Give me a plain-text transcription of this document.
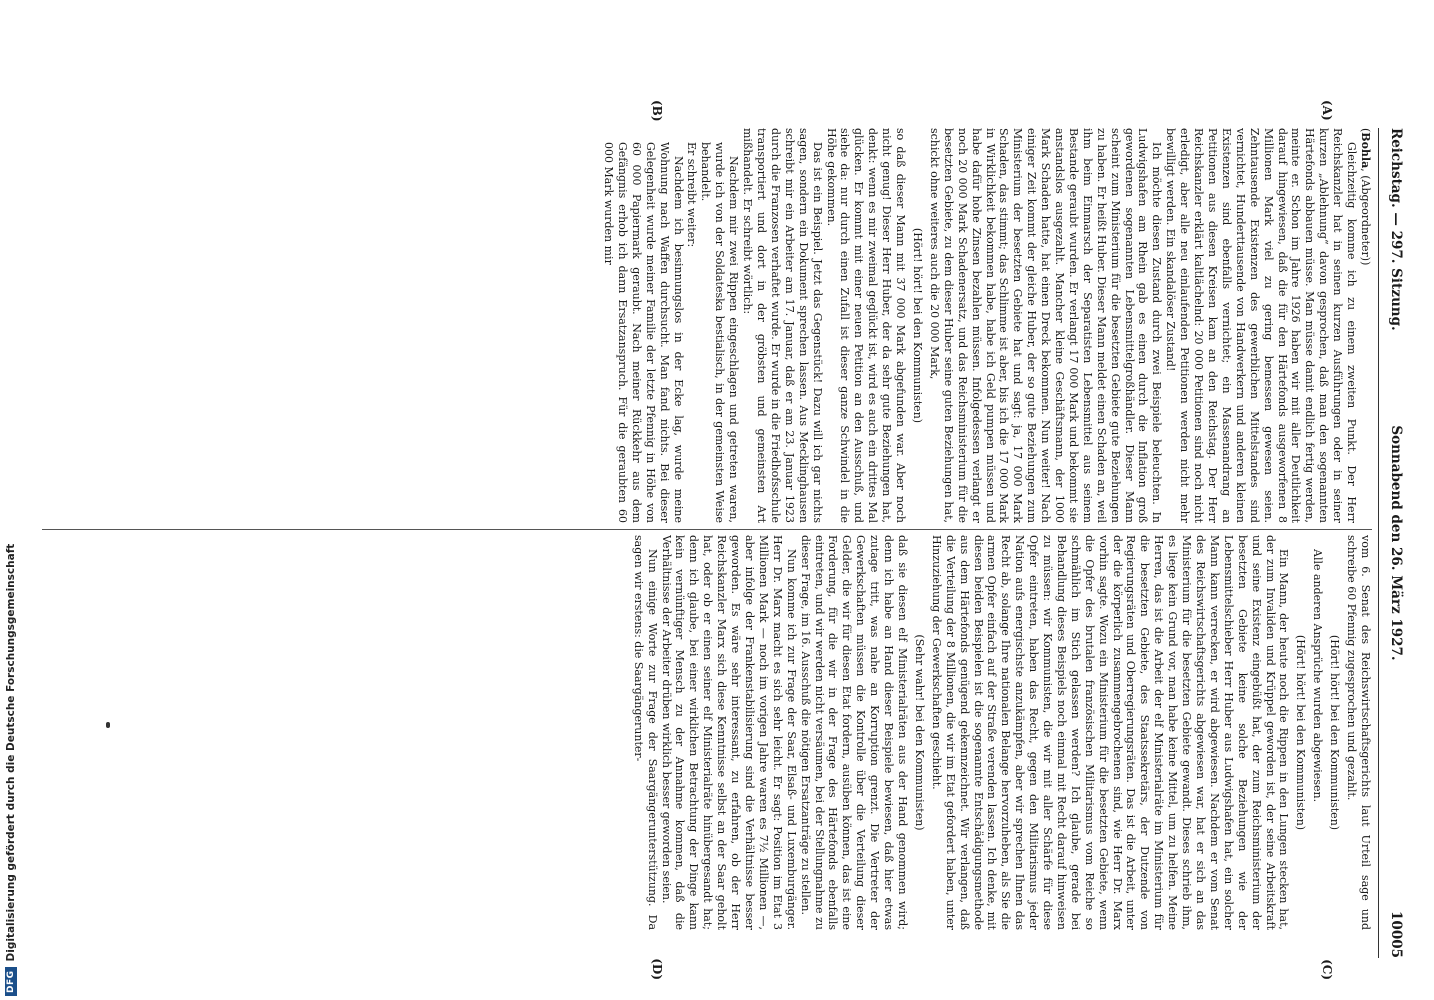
Reichstag. — 297. Sitzung.
Sonnabend den 26. März 1927.
10005
(A)
(B)
(C)
(D)

(Bohla, (Abgeordneter))

Gleichzeitig komme ich zu einem zweiten Punkt. Der Herr Reichskanzler hat in seinen kurzen Ausführungen oder in seiner kurzen „Ablehnung“ davon gesprochen, daß man den sogenannten Härtefonds abbauen müsse. Man müsse damit endlich fertig werden, meinte er. Schon im Jahre 1926 haben wir mit aller Deutlichkeit darauf hingewiesen, daß die für den Härtefonds ausgeworfenen 8 Millionen Mark viel zu gering bemessen gewesen seien. Zehntausende Existenzen des gewerblichen Mittelstandes sind vernichtet, Hunderttausende von Handwerkern und anderen kleinen Existenzen sind ebenfalls vernichtet; ein Massenandrang an Petitionen aus diesen Kreisen kam an den Reichstag. Der Herr Reichskanzler erklärt kaltlächelnd: 20 000 Petitionen sind noch nicht erledigt, aber alle neu einlaufenden Petitionen werden nicht mehr bewilligt werden. Ein skandalöser Zustand!

Ich möchte diesen Zustand durch zwei Beispiele beleuchten. In Ludwigshafen am Rhein gab es einen durch die Inflation groß gewordenen sogenannten Lebensmittelgroßhändler. Dieser Mann scheint zum Ministerium für die besetzten Gebiete gute Beziehungen zu haben. Er heißt Huber. Dieser Mann meldet einen Schaden an, weil ihm beim Einmarsch der Separatisten Lebensmittel aus seinem Bestande geraubt wurden. Er verlangt 17 000 Mark und bekommt sie anstandslos ausgezahlt. Mancher kleine Geschäftsmann, der 1000 Mark Schaden hatte, hat einen Dreck bekommen. Nun weiter! Nach einiger Zeit kommt der gleiche Huber, der so gute Beziehungen zum Ministerium der besetzten Gebiete hat und sagt: ja, 17 000 Mark Schaden, das stimmt; das Schlimme ist aber, bis ich die 17 000 Mark in Wirklichkeit bekommen habe, habe ich Geld pumpen müssen und habe dafür hohe Zinsen bezahlen müssen. Infolgedessen verlangt er noch 20 000 Mark Schadenersatz, und das Reichsministerium für die besetzten Gebiete, zu dem dieser Huber seine guten Beziehungen hat, schickt ohne weiteres auch die 20 000 Mark,

(Hört! hört! bei den Kommunisten)

so daß dieser Mann mit 37 000 Mark abgefunden war. Aber noch nicht genug! Dieser Herr Huber, der da sehr gute Beziehungen hat, denkt: wenn es mir zweimal geglückt ist, wird es auch ein drittes Mal glücken. Er kommt mit einer neuen Petition an den Ausschuß, und siehe da: nur durch einen Zufall ist dieser ganze Schwindel in die Höhe gekommen.

Das ist ein Beispiel. Jetzt das Gegenstück! Dazu will ich gar nichts sagen, sondern ein Dokument sprechen lassen. Aus Mecklinghausen schreibt mir ein Arbeiter am 17. Januar, daß er am 23. Januar 1923 durch die Franzosen verhaftet wurde. Er wurde in die Friedhofsschule transportiert und dort in der gröbsten und gemeinsten Art mißhandelt. Er schreibt wörtlich:

Nachdem mir zwei Rippen eingeschlagen und getreten waren, wurde ich von der Soldateska bestialisch, in der gemeinsten Weise behandelt.

Er schreibt weiter:

Nachdem ich besinnungslos in der Ecke lag, wurde meine Wohnung nach Waffen durchsucht. Man fand nichts. Bei dieser Gelegenheit wurde meiner Familie der letzte Pfennig in Höhe von 60 000 Papiermark geraubt. Nach meiner Rückkehr aus dem Gefängnis erhob ich dann Ersatzanspruch. Für die geraubten 60 000 Mark wurden mir

vom 6. Senat des Reichswirtschaftsgerichts laut Urteil sage und schreibe 60 Pfennig zugesprochen und gezahlt.

(Hört! hört! bei den Kommunisten)

Alle anderen Ansprüche wurden abgewiesen.

(Hört! hört! bei den Kommunisten)

Ein Mann, der heute noch die Rippen in den Lungen stecken hat, der zum Invaliden und Krüppel geworden ist, der seine Arbeitskraft und seine Existenz eingebüßt hat, der zum Reichsministerium der besetzten Gebiete keine solche Beziehungen wie der Lebensmittelschieber Herr Huber aus Ludwigshafen hat, ein solcher Mann kann verrecken, er wird abgewiesen. Nachdem er vom Senat des Reichswirtschaftsgerichts abgewiesen war, hat er sich an das Ministerium für die besetzten Gebiete gewandt. Dieses schrieb ihm, es liege kein Grund vor, man habe keine Mittel, um zu helfen. Meine Herren, das ist die Arbeit der elf Ministerialräte im Ministerium für die besetzten Gebiete, des Staatssekretärs, der Dutzende von Regierungsräten und Oberregierungsräten. Das ist die Arbeit, unter der die körperlich zusammengebrochenen sind, wie Herr Dr. Marx vorhin sagte. Wozu ein Ministerium für die besetzten Gebiete, wenn die Opfer des brutalen französischen Militarismus vom Reiche so schmählich im Stich gelassen werden? Ich glaube, gerade bei Behandlung dieses Beispiels noch einmal mit Recht darauf hinweisen zu müssen: wir Kommunisten, die wir mit aller Schärfe für diese Opfer eintreten, haben das Recht, gegen den Militarismus jeder Nation aufs energischste anzukämpfen, aber wir sprechen Ihnen das Recht ab, solange Ihre nationalen Belange hervorzuheben, als Sie die armen Opfer einfach auf der Straße verenden lassen. Ich denke, mit diesen beiden Beispielen ist die sogenannte Entschädigungsmethode aus dem Härtefonds genügend gekennzeichnet. Wir verlangen, daß die Verteilung der 8 Millionen, die wir im Etat gefordert haben, unter Hinzuziehung der Gewerkschaften geschieht.

(Sehr wahr! bei den Kommunisten)

daß sie diesen elf Ministerialräten aus der Hand genommen wird; denn ich habe an Hand dieser Beispiele bewiesen, daß hier etwas zutage tritt, was nahe an Korruption grenzt. Die Vertreter der Gewerkschaften müssen die Kontrolle über die Verteilung dieser Gelder, die wir für diesen Etat fordern, ausüben können, das ist eine Forderung, für die wir in der Frage des Härtefonds ebenfalls eintreten, und wir werden nicht versäumen, bei der Stellungnahme zu dieser Frage, im 16. Ausschuß die nötigen Ersatzanträge zu stellen.

Nun komme ich zur Frage der Saar, Elsaß- und Luxemburgänger. Herr Dr. Marx macht es sich sehr leicht. Er sagt: Position im Etat 3 Millionen Mark — noch im vorigen Jahre waren es 7½ Millionen —, aber infolge der Frankenstabilisierung sind die Verhältnisse besser geworden. Es wäre sehr interessant, zu erfahren, ob der Herr Reichskanzler Marx sich diese Kenntnisse selbst an der Saar geholt hat, oder ob er einen seiner elf Ministerialräte hinübergesandt hat; denn ich glaube, bei einer wirklichen Betrachtung der Dinge kann kein vernünftiger Mensch zu der Annahme kommen, daß die Verhältnisse der Arbeiter drüben wirklich besser geworden seien.

Nun einige Worte zur Frage der Saargängerunterstützung. Da sagen wir erstens: die Saargängerunter-

DFG
Digitalisierung gefördert durch die Deutsche Forschungsgemeinschaft
